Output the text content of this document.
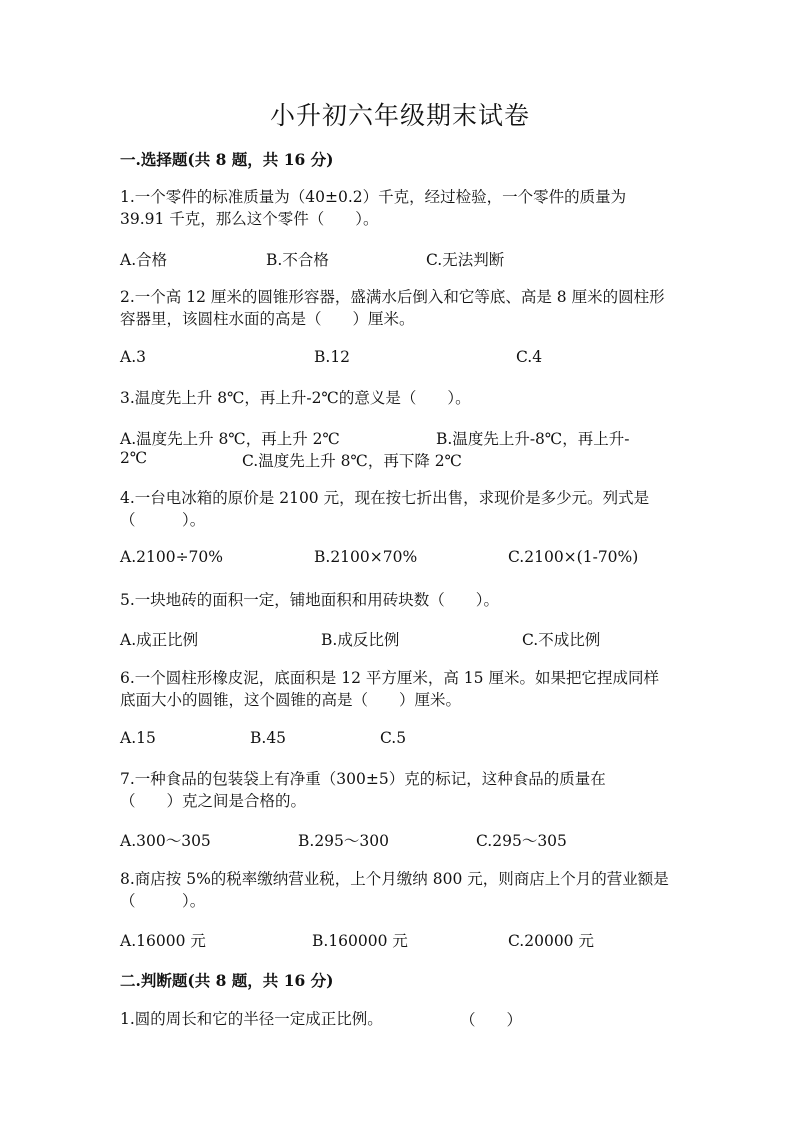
小升初六年级期末试卷
一.选择题(共 8 题，共 16 分)
1.一个零件的标准质量为（40±0.2）千克，经过检验，一个零件的质量为
39.91 千克，那么这个零件（　　）。
A.合格	B.不合格	C.无法判断
2.一个高 12 厘米的圆锥形容器，盛满水后倒入和它等底、高是 8 厘米的圆柱形
容器里，该圆柱水面的高是（　　）厘米。
A.3	B.12	C.4
3.温度先上升 8℃，再上升-2℃的意义是（　　）。
A.温度先上升 8℃，再上升 2℃	B.温度先上升-8℃，再上升-
2℃	C.温度先上升 8℃，再下降 2℃
4.一台电冰箱的原价是 2100 元，现在按七折出售，求现价是多少元。列式是
（　　　）。
A.2100÷70%	B.2100×70%	C.2100×(1-70%)
5.一块地砖的面积一定，铺地面积和用砖块数（　　）。
A.成正比例	B.成反比例	C.不成比例
6.一个圆柱形橡皮泥，底面积是 12 平方厘米，高 15 厘米。如果把它捏成同样
底面大小的圆锥，这个圆锥的高是（　　）厘米。
A.15	B.45	C.5
7.一种食品的包装袋上有净重（300±5）克的标记，这种食品的质量在
（　　）克之间是合格的。
A.300～305	B.295～300	C.295～305
8.商店按 5%的税率缴纳营业税，上个月缴纳 800 元，则商店上个月的营业额是
（　　　）。
A.16000 元	B.160000 元	C.20000 元
二.判断题(共 8 题，共 16 分)
1.圆的周长和它的半径一定成正比例。	（　　）
